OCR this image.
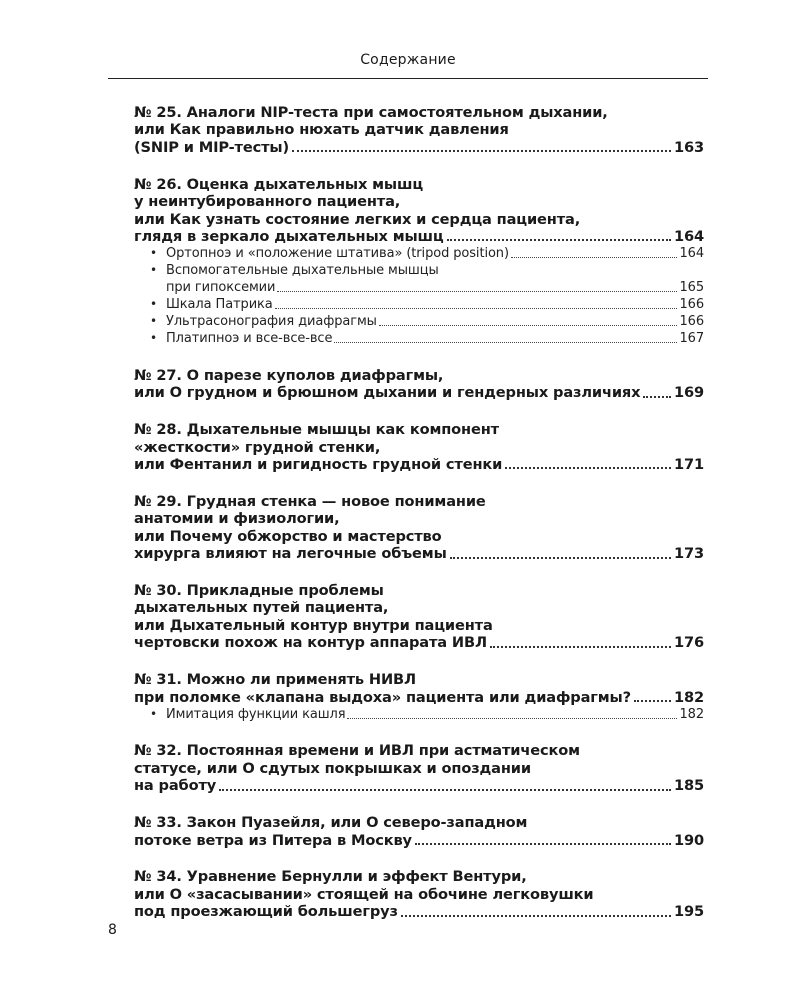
Содержание
№ 25. Аналоги NIP-теста при самостоятельном дыхании,
или Как правильно нюхать датчик давления
(SNIP и MIP-тесты)	163
№ 26. Оценка дыхательных мышц
у неинтубированного пациента,
или Как узнать состояние легких и сердца пациента,
глядя в зеркало дыхательных мышц	164
• Ортопноэ и «положение штатива» (tripod position)	164
• Вспомогательные дыхательные мышцы
при гипоксемии	165
• Шкала Патрика	166
• Ультрасонография диафрагмы	166
• Платипноэ и все-все-все	167
№ 27. О парезе куполов диафрагмы,
или О грудном и брюшном дыхании и гендерных различиях 169
№ 28. Дыхательные мышцы как компонент
«жесткости» грудной стенки,
или Фентанил и ригидность грудной стенки	171
№ 29. Грудная стенка — новое понимание
анатомии и физиологии,
или Почему обжорство и мастерство
хирурга влияют на легочные объемы	173
№ 30. Прикладные проблемы
дыхательных путей пациента,
или Дыхательный контур внутри пациента
чертовски похож на контур аппарата ИВЛ	176
№ 31. Можно ли применять НИВЛ
при поломке «клапана выдоха» пациента или диафрагмы?	182
• Имитация функции кашля	182
№ 32. Постоянная времени и ИВЛ при астматическом
статусе, или О сдутых покрышках и опоздании
на работу	185
№ 33. Закон Пуазейля, или О северо-западном
потоке ветра из Питера в Москву	190
№ 34. Уравнение Бернулли и эффект Вентури,
или О «засасывании» стоящей на обочине легковушки
под проезжающий большегруз	195
8
